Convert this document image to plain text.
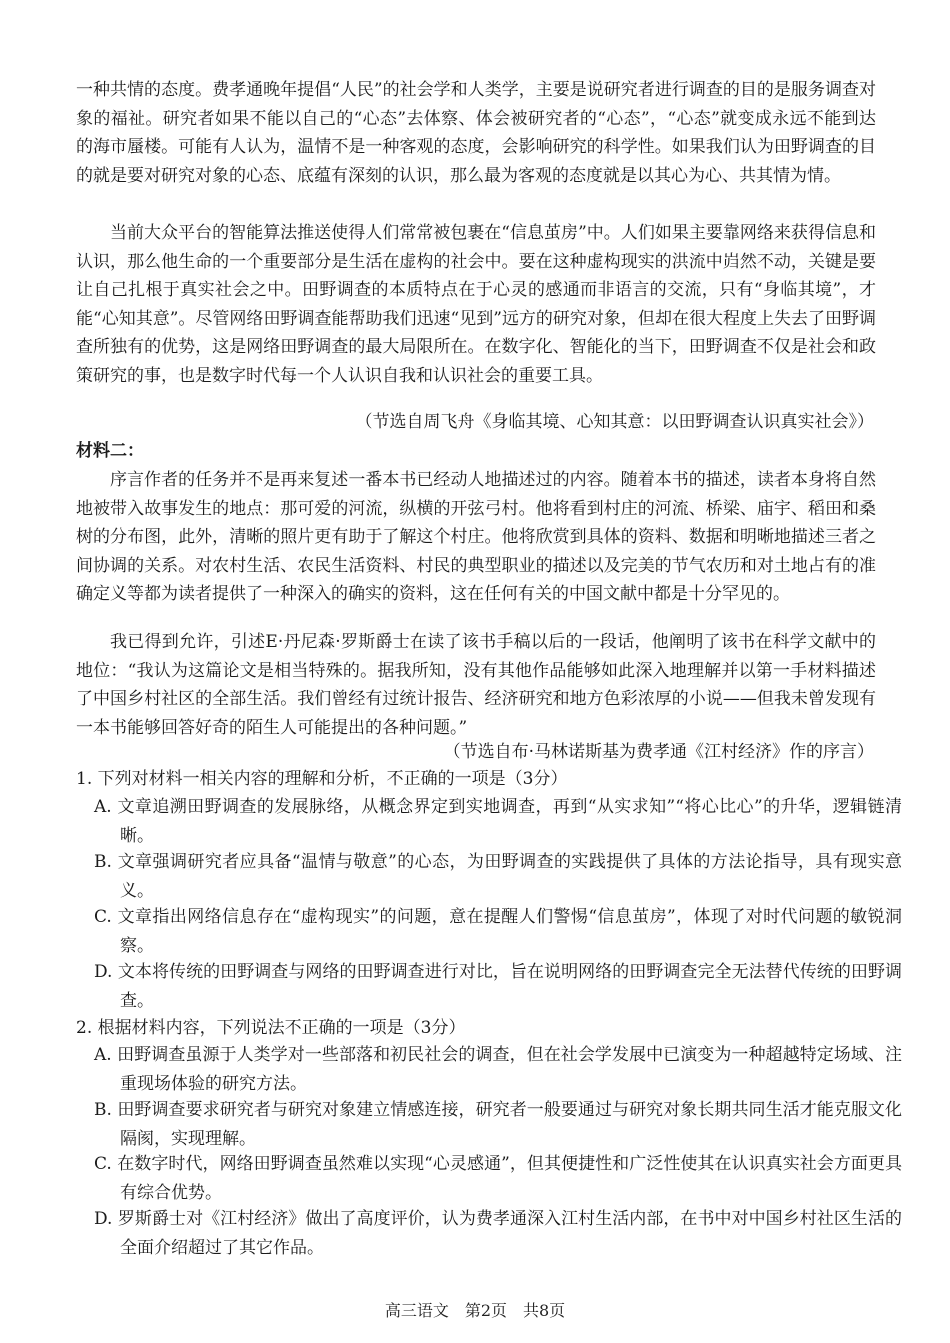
一种共情的态度。费孝通晚年提倡“人民”的社会学和人类学，主要是说研究者进行调查的目的是服务调查对象的福祉。研究者如果不能以自己的“心态”去体察、体会被研究者的“心态”，“心态”就变成永远不能到达的海市蜃楼。可能有人认为，温情不是一种客观的态度，会影响研究的科学性。如果我们认为田野调查的目的就是要对研究对象的心态、底蕴有深刻的认识，那么最为客观的态度就是以其心为心、共其情为情。

当前大众平台的智能算法推送使得人们常常被包裹在“信息茧房”中。人们如果主要靠网络来获得信息和认识，那么他生命的一个重要部分是生活在虚构的社会中。要在这种虚构现实的洪流中岿然不动，关键是要让自己扎根于真实社会之中。田野调查的本质特点在于心灵的感通而非语言的交流，只有“身临其境”，才能“心知其意”。尽管网络田野调查能帮助我们迅速“见到”远方的研究对象，但却在很大程度上失去了田野调查所独有的优势，这是网络田野调查的最大局限所在。在数字化、智能化的当下，田野调查不仅是社会和政策研究的事，也是数字时代每一个人认识自我和认识社会的重要工具。

（节选自周飞舟《身临其境、心知其意：以田野调查认识真实社会》）

材料二：

序言作者的任务并不是再来复述一番本书已经动人地描述过的内容。随着本书的描述，读者本身将自然地被带入故事发生的地点：那可爱的河流，纵横的开弦弓村。他将看到村庄的河流、桥梁、庙宇、稻田和桑树的分布图，此外，清晰的照片更有助于了解这个村庄。他将欣赏到具体的资料、数据和明晰地描述三者之间协调的关系。对农村生活、农民生活资料、村民的典型职业的描述以及完美的节气农历和对土地占有的准确定义等都为读者提供了一种深入的确实的资料，这在任何有关的中国文献中都是十分罕见的。

我已得到允许，引述E·丹尼森·罗斯爵士在读了该书手稿以后的一段话，他阐明了该书在科学文献中的地位：“我认为这篇论文是相当特殊的。据我所知，没有其他作品能够如此深入地理解并以第一手材料描述了中国乡村社区的全部生活。我们曾经有过统计报告、经济研究和地方色彩浓厚的小说——但我未曾发现有一本书能够回答好奇的陌生人可能提出的各种问题。”

（节选自布·马林诺斯基为费孝通《江村经济》作的序言）

1. 下列对材料一相关内容的理解和分析，不正确的一项是（3分）

A. 文章追溯田野调查的发展脉络，从概念界定到实地调查，再到“从实求知”“将心比心”的升华，逻辑链清晰。

B. 文章强调研究者应具备“温情与敬意”的心态，为田野调查的实践提供了具体的方法论指导，具有现实意义。

C. 文章指出网络信息存在“虚构现实”的问题，意在提醒人们警惕“信息茧房”，体现了对时代问题的敏锐洞察。

D. 文本将传统的田野调查与网络的田野调查进行对比，旨在说明网络的田野调查完全无法替代传统的田野调查。

2. 根据材料内容，下列说法不正确的一项是（3分）

A. 田野调查虽源于人类学对一些部落和初民社会的调查，但在社会学发展中已演变为一种超越特定场域、注重现场体验的研究方法。

B. 田野调查要求研究者与研究对象建立情感连接，研究者一般要通过与研究对象长期共同生活才能克服文化隔阂，实现理解。

C. 在数字时代，网络田野调查虽然难以实现“心灵感通”，但其便捷性和广泛性使其在认识真实社会方面更具有综合优势。

D. 罗斯爵士对《江村经济》做出了高度评价，认为费孝通深入江村生活内部，在书中对中国乡村社区生活的全面介绍超过了其它作品。

高三语文　第2页　共8页
